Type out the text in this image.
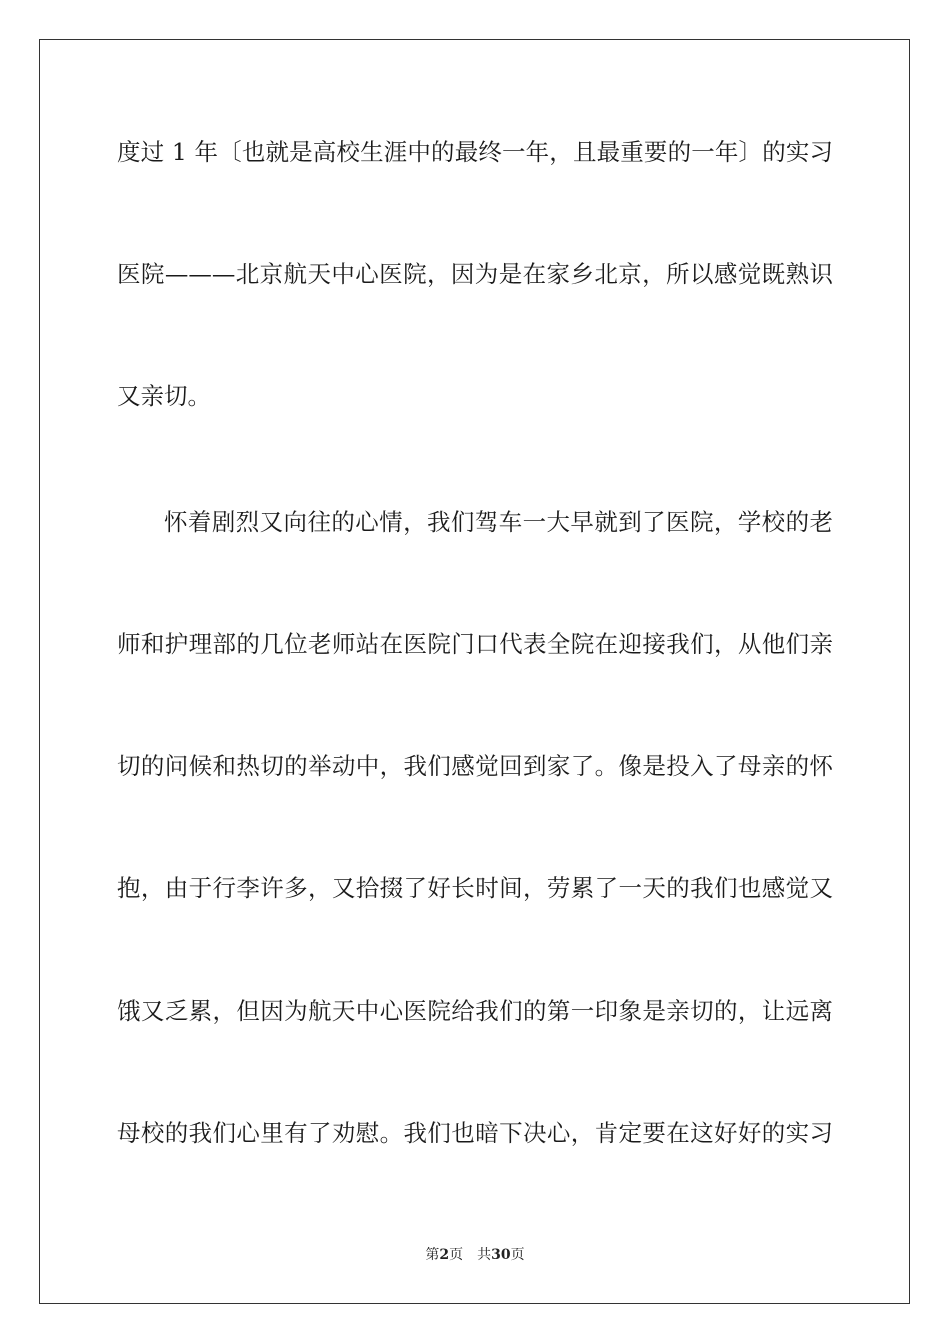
度过 1 年〔也就是高校生涯中的最终一年，且最重要的一年〕的实习
医院———北京航天中心医院，因为是在家乡北京，所以感觉既熟识
又亲切。
怀着剧烈又向往的心情，我们驾车一大早就到了医院，学校的老
师和护理部的几位老师站在医院门口代表全院在迎接我们，从他们亲
切的问候和热切的举动中，我们感觉回到家了。像是投入了母亲的怀
抱，由于行李许多，又拾掇了好长时间，劳累了一天的我们也感觉又
饿又乏累，但因为航天中心医院给我们的第一印象是亲切的，让远离
母校的我们心里有了劝慰。我们也暗下决心，肯定要在这好好的实习
第2页 共30页
